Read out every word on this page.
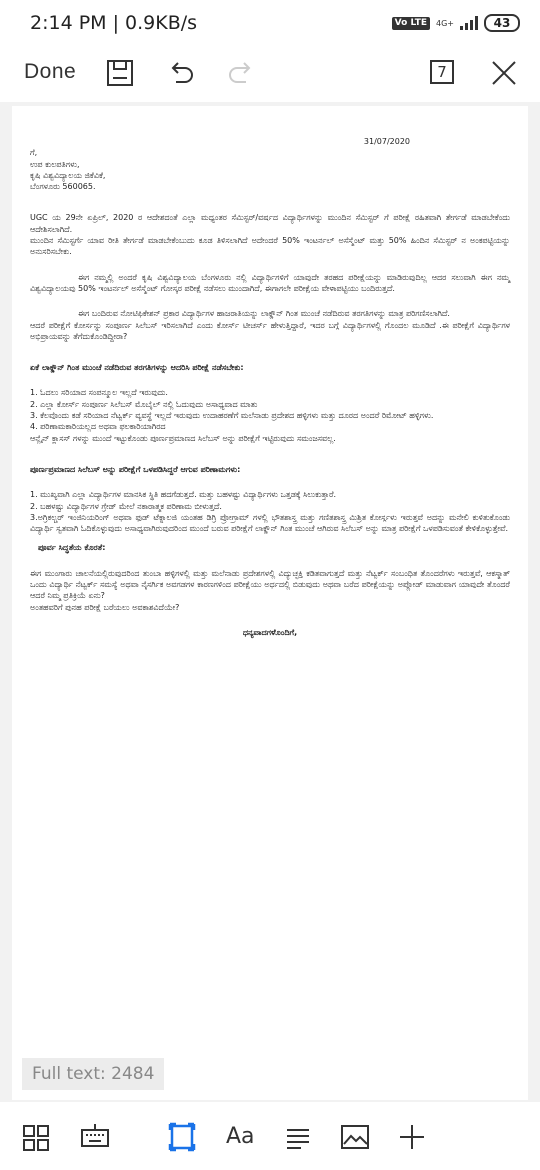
2:14 PM | 0.9KB/s	Vo LTE	4G+	43
Done	7

31/07/2020

ಗೆ,

ಉಪ ಕುಲಪತಿಗಳು,

ಕೃಷಿ ವಿಶ್ವವಿದ್ಯಾಲಯ ಜಿಕೆವಿಕೆ,

ಬೆಂಗಳೂರು 560065.

UGC ಯ 29ನೇ ಏಪ್ರಿಲ್, 2020 ರ ಆದೇಶದಂತೆ ಎಲ್ಲಾ ಮಧ್ಯಂತರ ಸೆಮಿಸ್ಟರ್/ವರ್ಷದ ವಿದ್ಯಾರ್ಥಿಗಳನ್ನು ಮುಂದಿನ ಸೆಮಿಸ್ಟರ್ ಗೆ ಪರೀಕ್ಷೆ ರಹಿತವಾಗಿ ತೇರ್ಗಡೆ ಮಾಡಬೇಕೆಂದು ಆದೇಶಿಸಲಾಗಿದೆ.

ಮುಂದಿನ ಸೆಮಿಸ್ಟರ್ಗೆ ಯಾವ ರೀತಿ ತೇರ್ಗಡೆ ಮಾಡಬೇಕೆಂಬುದು ಕೂಡ ತಿಳಿಸಲಾಗಿದೆ ಅದೇಂದರೆ 50% ಇಂಟರ್ನಲ್ ಅಸೆಸ್ಮೆಂಟ್ ಮತ್ತು 50% ಹಿಂದಿನ ಸೆಮಿಸ್ಟರ್ ನ ಅಂಕಪಟ್ಟಿಯನ್ನು ಅನುಸರಿಸಬೇಕು.

ಈಗ ನಮ್ಮಲ್ಲಿ ಅಂದರೆ ಕೃಷಿ ವಿಶ್ವವಿದ್ಯಾಲಯ ಬೆಂಗಳೂರು ನಲ್ಲಿ ವಿದ್ಯಾರ್ಥಿಗಳಿಗೆ ಯಾವುದೇ ತರಹದ ಪರೀಕ್ಷೆಯನ್ನು ಮಾಡಿರುವುದಿಲ್ಲ ಆದರ ಸಲುವಾಗಿ ಈಗ ನಮ್ಮ ವಿಶ್ವವಿದ್ಯಾಲಯವು 50% ಇಂಟರ್ನಲ್ ಅಸೆಸ್ಮೆಂಟ್ ಗೋಸ್ಕರ ಪರೀಕ್ಷೆ ನಡೆಸಲು ಮುಂದಾಗಿದೆ, ಈಗಾಗಲೇ ಪರೀಕ್ಷೆಯ ವೇಳಾಪಟ್ಟಿಯು ಬಂದಿರುತ್ತದೆ.

ಈಗ ಬಂದಿರುವ ನೋಟಿಫಿಕೇಶನ್ ಪ್ರಕಾರ ವಿದ್ಯಾರ್ಥಿಗಳ ಹಾಜರಾತಿಯನ್ನು ಲಾಕ್ಡೌನ್ ಗಿಂತ ಮುಂಚೆ ನಡೆದಿರುವ ತರಗತಿಗಳನ್ನು ಮಾತ್ರ ಪರಿಗಣಿಸಲಾಗಿದೆ.

ಆದರೆ ಪರೀಕ್ಷೆಗೆ ಕೋರ್ಸನ್ನು ಸಂಪೂರ್ಣ ಸಿಲೆಬಸ್ ಇರಿಸಲಾಗಿದೆ ಎಂದು ಕೋರ್ಸ್ ಟೀಚರ್ಸ್ ಹೇಳುತ್ತಿದ್ದಾರೆ, ಇದರ ಬಗ್ಗೆ ವಿದ್ಯಾರ್ಥಿಗಳಲ್ಲಿ ಗೊಂದಲ ಮೂಡಿದೆ .ಈ ಪರೀಕ್ಷೆಗೆ ವಿದ್ಯಾರ್ಥಿಗಳ ಅಭಿಪ್ರಾಯವನ್ನು ತೆಗೆದುಕೊಂಡಿದ್ದೀರಾ?

ಏಕೆ ಲಾಕ್ಡೌನ್ ಗಿಂತ ಮುಂಚೆ ನಡೆದಿರುವ ತರಗತಿಗಳನ್ನು ಆದರಿಸಿ ಪರೀಕ್ಷೆ ನಡೆಸಬೇಕು:

1. ಓದಲು ಸರಿಯಾದ ಸಂಪನ್ಮೂಲ ಇಲ್ಲದೆ ಇರುವುದು.

2. ಎಲ್ಲಾ ಕೋರ್ಸ್ ಸಂಪೂರ್ಣ ಸಿಲೆಬಸ್ ಮೊಬೈಲ್ ನಲ್ಲಿ ಓದುವುದು ಅಸಾಧ್ಯವಾದ ಮಾತು

3. ಕೆಲವೊಂದು ಕಡೆ ಸರಿಯಾದ ನೆಟ್ವರ್ಕ್ ವ್ಯವಸ್ಥೆ ಇಲ್ಲದೆ ಇರುವುದು ಉದಾಹರಣೆಗೆ ಮಲೆನಾಡು ಪ್ರದೇಶದ ಹಳ್ಳಿಗಳು ಮತ್ತು ದೂರದ ಅಂದರೆ ರಿಮೋಟ್ ಹಳ್ಳಿಗಳು.

4. ಪರಿಣಾಮಕಾರಿಯಲ್ಲದ ಅಥವಾ ಫಲಕಾರಿಯಾಗಿರದ

ಆನ್ಲೈನ್ ಕ್ಲಾಸಸ್ ಗಳನ್ನು ಮುಂದೆ ಇಟ್ಟುಕೊಂಡು ಪೂರ್ಣಪ್ರಮಾಣದ ಸಿಲೆಬಸ್ ಅನ್ನು ಪರೀಕ್ಷೆಗೆ ಇಟ್ಟಿರುವುದು ಸಮಂಜಸವಲ್ಲ.

ಪೂರ್ಣಪ್ರಮಾಣದ ಸಿಲೆಬಸ್ ಅನ್ನು ಪರೀಕ್ಷೆಗೆ ಒಳಪಡಿಸಿದ್ದರೆ ಆಗುವ ಪರಿಣಾಮಗಳು:

1. ಮುಖ್ಯವಾಗಿ ಎಲ್ಲಾ ವಿದ್ಯಾರ್ಥಿಗಳ ಮಾನಸಿಕ ಸ್ಥಿತಿ ಹದಗೆಡುತ್ತದೆ. ಮತ್ತು ಬಹಳಷ್ಟು ವಿದ್ಯಾರ್ಥಿಗಳು ಒತ್ತಡಕ್ಕೆ ಸಿಲುಕುತ್ತಾರೆ.

2. ಬಹಳಷ್ಟು ವಿದ್ಯಾರ್ಥಿಗಳ ಗ್ರೇಡ್ ಮೇಲೆ ನಕಾರಾತ್ಮಕ ಪರಿಣಾಮ ಬೀಳುತ್ತದೆ.

3.ಅಗ್ರಿಕಲ್ಚರ್ ಇಂಜಿನಿಯರಿಂಗ್ ಅಥವಾ ಫುಡ್ ಟೆಕ್ನಾಲಜಿ ಯಂತಹ ಡಿಗ್ರಿ ಪ್ರೋಗ್ರಾಮ್ ಗಳಲ್ಲಿ ಭೌತಶಾಸ್ತ್ರ ಮತ್ತು ಗಣಿತಶಾಸ್ತ್ರ ಮಿಶ್ರಿತ ಕೋರ್ಸ್ಗಳು ಇರುತ್ತವೆ ಅದನ್ನು ಮನೇಲಿ ಕುಳಿತುಕೊಂಡು ವಿದ್ಯಾರ್ಥಿ ಸ್ವತವಾಗಿ ಓದಿಕೊಳ್ಳುವುದು ಅಸಾಧ್ಯವಾಗಿರುವುದರಿಂದ ಮುಂದೆ ಬರುವ ಪರೀಕ್ಷೆಗೆ ಲಾಕ್ಡೌನ್ ಗಿಂತ ಮುಂಚೆ ಆಗಿರುವ ಸಿಲೆಬಸ್ ಅನ್ನು ಮಾತ್ರ ಪರೀಕ್ಷೆಗೆ ಒಳಪಡಿಸುವಂತೆ ಕೇಳಿಕೊಳ್ಳುತ್ತೇವೆ.

ಪೂರ್ವ ಸಿದ್ಧತೆಯ ಕೊರತೆ:

ಈಗ ಮುಂಗಾರು ಚಾಲನೆಯಲ್ಲಿರುವುದರಿಂದ ತುಂಬಾ ಹಳ್ಳಿಗಳಲ್ಲಿ ಮತ್ತು ಮಲೆನಾಡು ಪ್ರದೇಶಗಳಲ್ಲಿ ವಿದ್ಯುಚ್ಛಕ್ತಿ ಕಡಿತವಾಗುತ್ತದೆ ಮತ್ತು ನೆಟ್ವರ್ಕ್ ಸಂಬಂಧಿತ ತೊಂದರೆಗಳು ಇರುತ್ತವೆ, ಆಕಸ್ಮಾತ್ ಒಂದು ವಿದ್ಯಾರ್ಥಿ ನೆಟ್ವರ್ಕ್ ಸಮಸ್ಯೆ ಅಥವಾ ನೈಸರ್ಗಿಕ ಅವಗಡಗಳ ಕಾರಣಗಳಿಂದ ಪರೀಕ್ಷೆಯು ಅರ್ಧದಲ್ಲಿ ಬಿಡುವುದು ಅಥವಾ ಬರೆದ ಪರೀಕ್ಷೆಯನ್ನು ಅಪ್ಲೋಡ್ ಮಾಡುವಾಗ ಯಾವುದೇ ತೊಂದರೆ ಆದರೆ ನಿಮ್ಮ ಪ್ರತಿಕ್ರಿಯೆ ಏನು?

ಅಂತಹವರಿಗೆ ಪುನಹ ಪರೀಕ್ಷೆ ಬರೆಯಲು ಅವಕಾಶವಿದೆಯೇ?

ಧನ್ಯವಾದಗಳೊಂದಿಗೆ,

Full text: 2484
Aa
